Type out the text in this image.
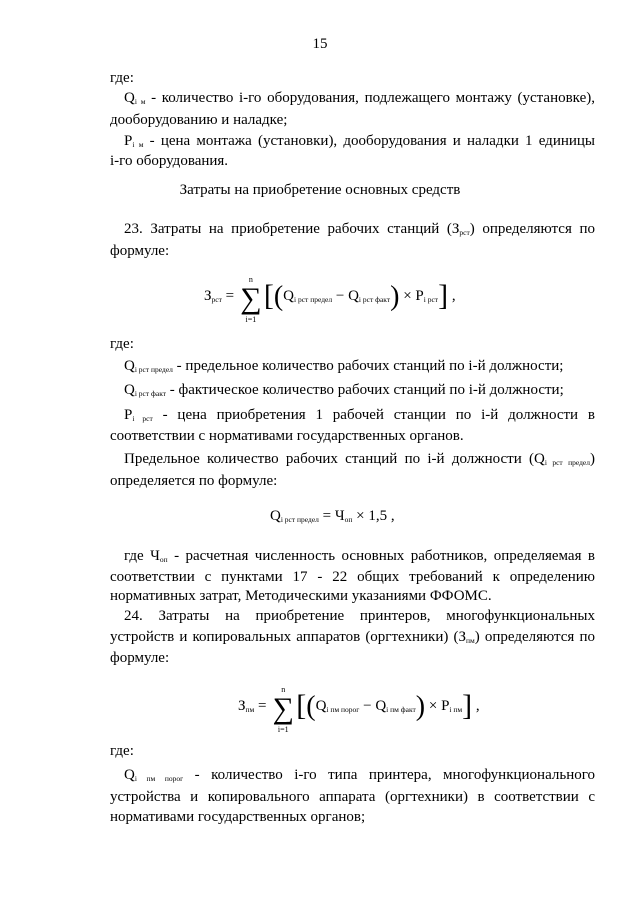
15
где:
$Q_{i м}$ - количество i-го оборудования, подлежащего монтажу (установке),
дооборудованию и наладке;
$P_{i м}$ - цена монтажа (установки), дооборудования и наладки 1 единицы
i-го оборудования.
Затраты на приобретение основных средств
23. Затраты на приобретение рабочих станций $(З_{рст})$ определяются по
формуле:
$З_{рст}$ =
n
∑
i=1
$[(Q_{i рст предел} - Q_{i рст факт}) \times P_{i рст}]$ ,
где:
$Q_{i рст предел}$ - предельное количество рабочих станций по i-й должности;
$Q_{i рст факт}$ - фактическое количество рабочих станций по i-й должности;
$P_{i рст}$ - цена приобретения 1 рабочей станции по i-й должности в
соответствии с нормативами государственных органов.
Предельное количество рабочих станций по i-й должности $(Q_{i рст предел})$
определяется по формуле:
$Q_{i рст предел} = Ч_{оп} \times 1,5$ ,
где $Ч_{оп}$ - расчетная численность основных работников, определяемая в
соответствии с пунктами 17 - 22 общих требований к определению
нормативных затрат, Методическими указаниями ФФОМС.
24. Затраты на приобретение принтеров, многофункциональных
устройств и копировальных аппаратов (оргтехники) $(З_{пм})$ определяются по
формуле:
$З_{пм}$ =
n
∑
i=1
$[(Q_{i пм порог} - Q_{i пм факт}) \times P_{i пм}]$ ,
где:
$Q_{i пм порог}$ - количество i-го типа принтера, многофункционального
устройства и копировального аппарата (оргтехники) в соответствии с
нормативами государственных органов;
